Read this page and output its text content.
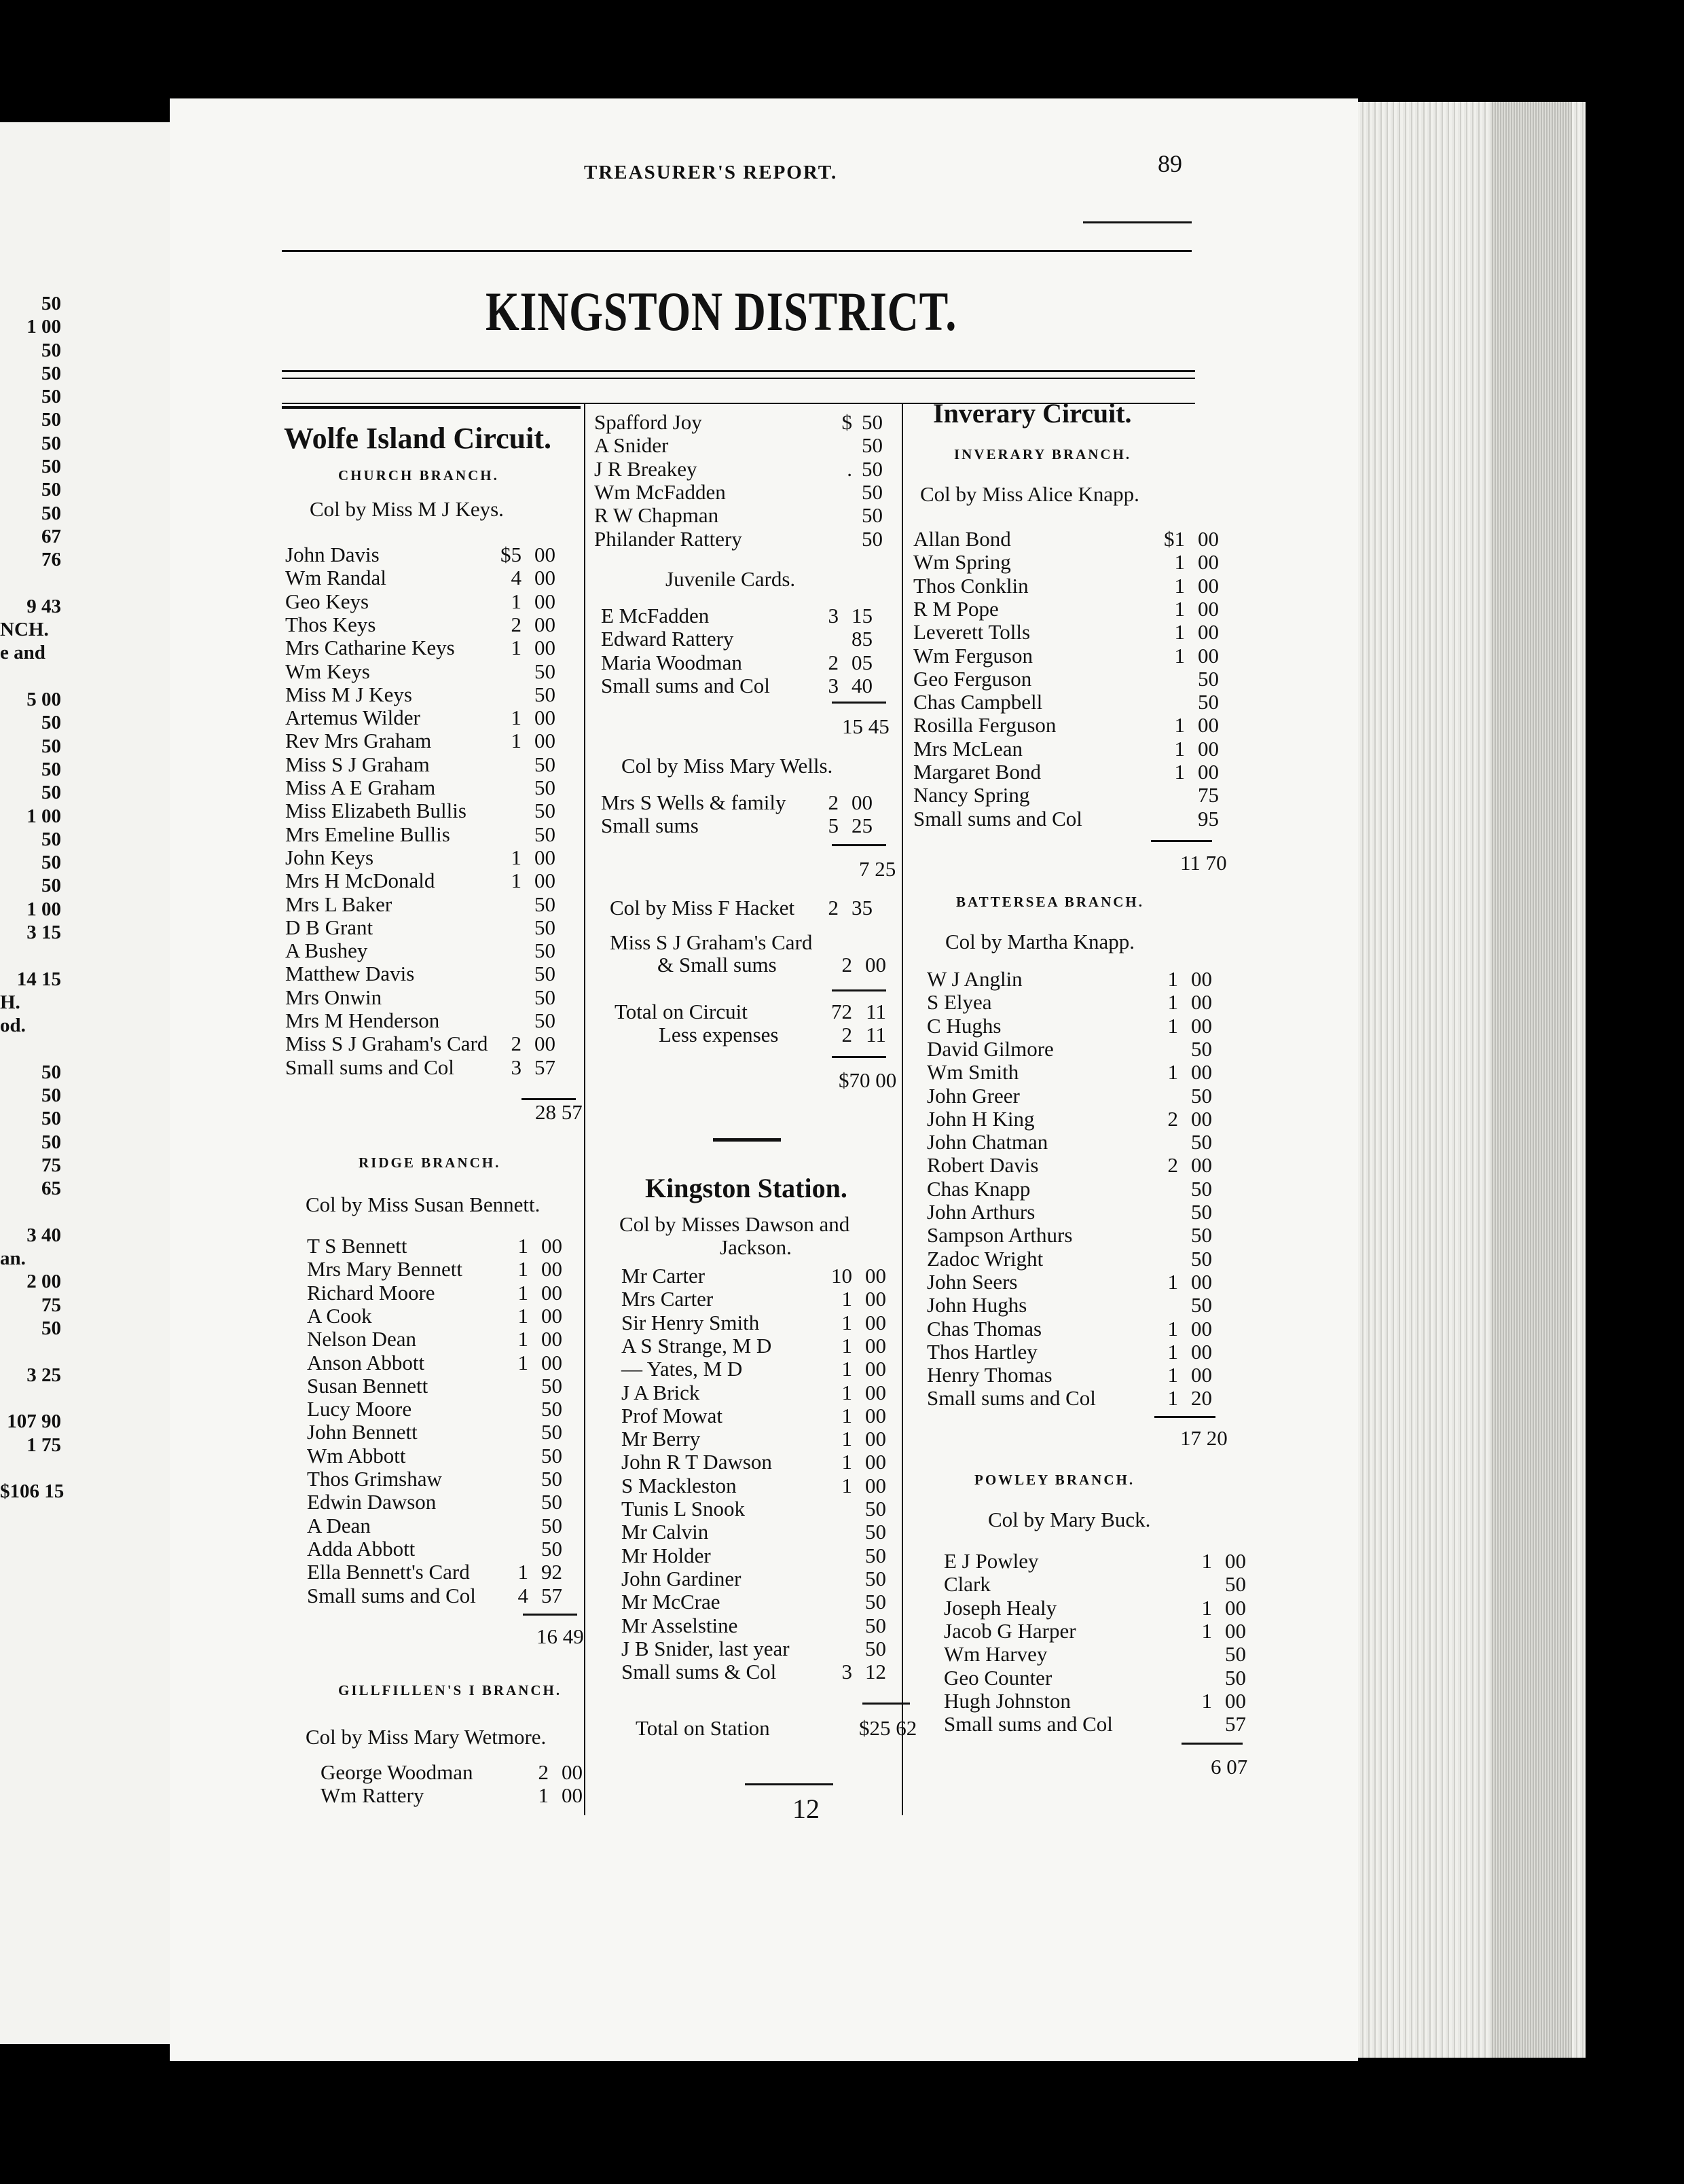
50
1 00
50
50
50
50
50
50
50
50
67
76
9 43
NCH.
e and
5 00
50
50
50
50
1 00
50
50
50
1 00
3 15
14 15
H.
od.
50
50
50
50
75
65
3 40
an.
2 00
75
50
3 25
107 90
1 75
$106 15
TREASURER'S REPORT.	89
KINGSTON DISTRICT.
Wolfe Island Circuit.
CHURCH BRANCH.
Col by Miss M J Keys.
John Davis	$5 00
Wm Randal	4 00
Geo Keys	1 00
Thos Keys	2 00
Mrs Catharine Keys	1 00
Wm Keys	50
Miss M J Keys	50
Artemus Wilder	1 00
Rev Mrs Graham	1 00
Miss S J Graham	50
Miss A E Graham	50
Miss Elizabeth Bullis	50
Mrs Emeline Bullis	50
John Keys	1 00
Mrs H McDonald	1 00
Mrs L Baker	50
D B Grant	50
A Bushey	50
Matthew Davis	50
Mrs Onwin	50
Mrs M Henderson	50
Miss S J Graham's Card	2 00
Small sums and Col	3 57
28 57
RIDGE BRANCH.
Col by Miss Susan Bennett.
T S Bennett	1 00
Mrs Mary Bennett	1 00
Richard Moore	1 00
A Cook	1 00
Nelson Dean	1 00
Anson Abbott	1 00
Susan Bennett	50
Lucy Moore	50
John Bennett	50
Wm Abbott	50
Thos Grimshaw	50
Edwin Dawson	50
A Dean	50
Adda Abbott	50
Ella Bennett's Card	1 92
Small sums and Col	4 57
16 49
GILLFILLEN'S I BRANCH.
Col by Miss Mary Wetmore.
George Woodman	2 00
Wm Rattery	1 00
Spafford Joy	$ 50
A Snider	50
J R Breakey	. 50
Wm McFadden	50
R W Chapman	50
Philander Rattery	50
Juvenile Cards.
E McFadden	3 15
Edward Rattery	85
Maria Woodman	2 05
Small sums and Col	3 40
15 45
Col by Miss Mary Wells.
Mrs S Wells & family	2 00
Small sums	5 25
7 25
Col by Miss F Hacket	2 35
Miss S J Graham's Card
& Small sums	2 00
Total on Circuit	72 11
Less expenses	2 11
$70 00
Kingston Station.
Col by Misses Dawson and
Jackson.
Mr Carter	10 00
Mrs Carter	1 00
Sir Henry Smith	1 00
A S Strange, M D	1 00
— Yates, M D	1 00
J A Brick	1 00
Prof Mowat	1 00
Mr Berry	1 00
John R T Dawson	1 00
S Mackleston	1 00
Tunis L Snook	50
Mr Calvin	50
Mr Holder	50
John Gardiner	50
Mr McCrae	50
Mr Asselstine	50
J B Snider, last year	50
Small sums & Col	3 12
Total on Station	$25 62
Inverary Circuit.
INVERARY BRANCH.
Col by Miss Alice Knapp.
Allan Bond	$1 00
Wm Spring	1 00
Thos Conklin	1 00
R M Pope	1 00
Leverett Tolls	1 00
Wm Ferguson	1 00
Geo Ferguson	50
Chas Campbell	50
Rosilla Ferguson	1 00
Mrs McLean	1 00
Margaret Bond	1 00
Nancy Spring	75
Small sums and Col	95
11 70
BATTERSEA BRANCH.
Col by Martha Knapp.
W J Anglin	1 00
S Elyea	1 00
C Hughs	1 00
David Gilmore	50
Wm Smith	1 00
John Greer	50
John H King	2 00
John Chatman	50
Robert Davis	2 00
Chas Knapp	50
John Arthurs	50
Sampson Arthurs	50
Zadoc Wright	50
John Seers	1 00
John Hughs	50
Chas Thomas	1 00
Thos Hartley	1 00
Henry Thomas	1 00
Small sums and Col	1 20
17 20
POWLEY BRANCH.
Col by Mary Buck.
E J Powley	1 00
Clark	50
Joseph Healy	1 00
Jacob G Harper	1 00
Wm Harvey	50
Geo Counter	50
Hugh Johnston	1 00
Small sums and Col	57
6 07
12
